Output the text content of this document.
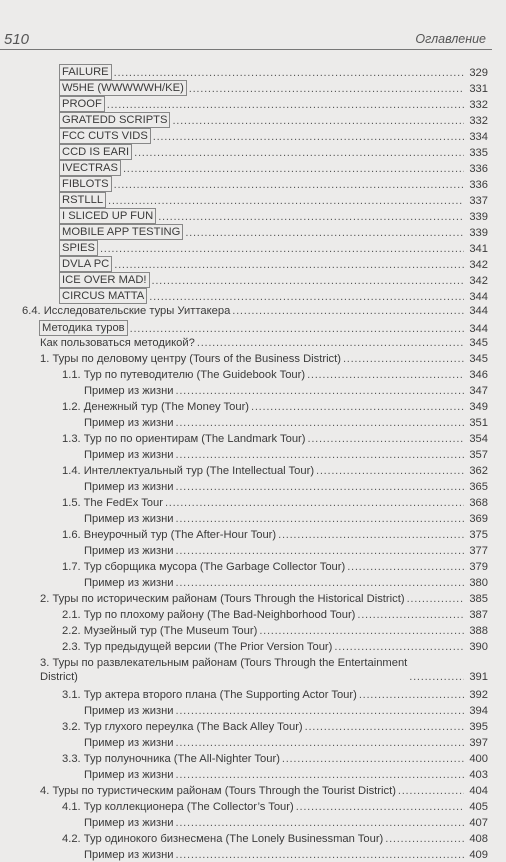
510	Оглавление
FAILURE . . .	329
W5HE (WWWWWH/KE) . . .	331
PROOF . . .	332
GRATEDD SCRIPTS . . .	332
FCC CUTS VIDS . . .	334
CCD IS EARI . . .	335
IVECTRAS . . .	336
FIBLOTS . . .	336
RSTLLL . . .	337
I SLICED UP FUN . . .	339
MOBILE APP TESTING . . .	339
SPIES . . .	341
DVLA PC . . .	342
ICE OVER MAD! . . .	342
CIRCUS MATTA . . .	344
6.4. Исследовательские туры Уиттакера . . .	344
Методика туров . . .	344
Как пользоваться методикой? . . .	345
1. Туры по деловому центру (Tours of the Business District) . . .	345
1.1. Тур по путеводителю (The Guidebook Tour) . . .	346
Пример из жизни . . .	347
1.2. Денежный тур (The Money Tour) . . .	349
Пример из жизни . . .	351
1.3. Тур по по ориентирам (The Landmark Tour) . . .	354
Пример из жизни . . .	357
1.4. Интеллектуальный тур (The Intellectual Tour) . . .	362
Пример из жизни . . .	365
1.5. The FedEx Tour . . .	368
Пример из жизни . . .	369
1.6. Внеурочный тур (The After-Hour Tour) . . .	375
Пример из жизни . . .	377
1.7. Тур сборщика мусора (The Garbage Collector Tour) . . .	379
Пример из жизни . . .	380
2. Туры по историческим районам (Tours Through the Historical District) . . .	385
2.1. Тур по плохому району (The Bad-Neighborhood Tour) . . .	387
2.2. Музейный тур (The Museum Tour) . . .	388
2.3. Тур предыдущей версии (The Prior Version Tour) . . .	390
3. Туры по развлекательным районам (Tours Through the Entertainment
District) . . .	391
3.1. Тур актера второго плана (The Supporting Actor Tour) . . .	392
Пример из жизни . . .	394
3.2. Тур глухого переулка (The Back Alley Tour) . . .	395
Пример из жизни . . .	397
3.3. Тур полуночника (The All-Nighter Tour) . . .	400
Пример из жизни . . .	403
4. Туры по туристическим районам (Tours Through the Tourist District) . . .	404
4.1. Тур коллекционера (The Collector’s Tour) . . .	405
Пример из жизни . . .	407
4.2. Тур одинокого бизнесмена (The Lonely Businessman Tour) . . .	408
Пример из жизни . . .	409
